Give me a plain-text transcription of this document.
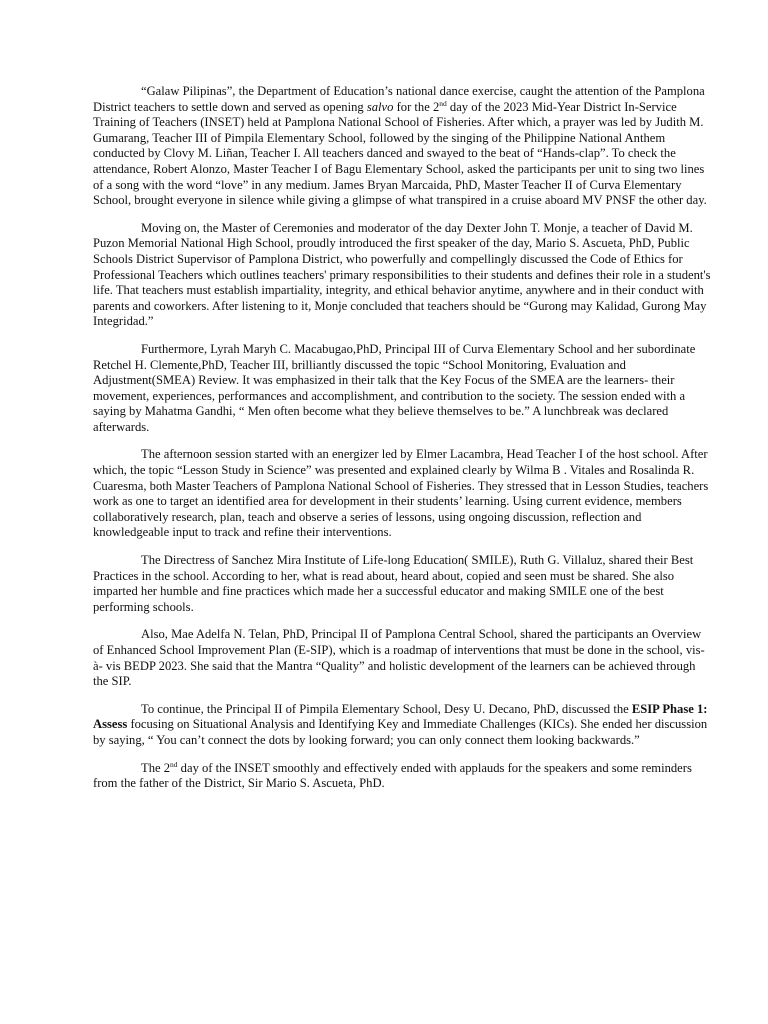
“Galaw Pilipinas”, the Department of Education’s national dance exercise, caught the attention of the Pamplona District teachers to settle down and served as opening salvo for the 2nd day of the 2023 Mid-Year District In-Service Training of Teachers (INSET) held at Pamplona National School of Fisheries. After which, a prayer was led by Judith M. Gumarang, Teacher III of Pimpila Elementary School, followed by the singing of the Philippine National Anthem conducted by Clovy M. Liñan, Teacher I. All teachers danced and swayed to the beat of “Hands-clap”. To check the attendance, Robert Alonzo, Master Teacher I of Bagu Elementary School, asked the participants per unit to sing two lines of a song with the word “love” in any medium. James Bryan Marcaida, PhD, Master Teacher II of Curva Elementary School, brought everyone in silence while giving a glimpse of what transpired in a cruise aboard MV PNSF the other day.

Moving on, the Master of Ceremonies and moderator of the day Dexter John T. Monje, a teacher of David M. Puzon Memorial National High School, proudly introduced the first speaker of the day, Mario S. Ascueta, PhD, Public Schools District Supervisor of Pamplona District, who powerfully and compellingly discussed the Code of Ethics for Professional Teachers which outlines teachers' primary responsibilities to their students and defines their role in a student's life. That teachers must establish impartiality, integrity, and ethical behavior anytime, anywhere and in their conduct with parents and coworkers. After listening to it, Monje concluded that teachers should be “Gurong may Kalidad, Gurong May Integridad.”

Furthermore, Lyrah Maryh C. Macabugao,PhD, Principal III of Curva Elementary School and her subordinate Retchel H. Clemente,PhD, Teacher III, brilliantly discussed the topic “School Monitoring, Evaluation and Adjustment(SMEA) Review. It was emphasized in their talk that the Key Focus of the SMEA are the learners- their movement, experiences, performances and accomplishment, and contribution to the society. The session ended with a saying by Mahatma Gandhi, “ Men often become what they believe themselves to be.” A lunchbreak was declared afterwards.

The afternoon session started with an energizer led by Elmer Lacambra, Head Teacher I of the host school. After which, the topic “Lesson Study in Science” was presented and explained clearly by Wilma B . Vitales and Rosalinda R. Cuaresma, both Master Teachers of Pamplona National School of Fisheries. They stressed that in Lesson Studies, teachers work as one to target an identified area for development in their students’ learning. Using current evidence, members collaboratively research, plan, teach and observe a series of lessons, using ongoing discussion, reflection and knowledgeable input to track and refine their interventions.

The Directress of Sanchez Mira Institute of Life-long Education( SMILE), Ruth G. Villaluz, shared their Best Practices in the school. According to her, what is read about, heard about, copied and seen must be shared. She also imparted her humble and fine practices which made her a successful educator and making SMILE one of the best performing schools.

Also, Mae Adelfa N. Telan, PhD, Principal II of Pamplona Central School, shared the participants an Overview of Enhanced School Improvement Plan (E-SIP), which is a roadmap of interventions that must be done in the school, vis-à- vis BEDP 2023. She said that the Mantra “Quality” and holistic development of the learners can be achieved through the SIP.

To continue, the Principal II of Pimpila Elementary School, Desy U. Decano, PhD, discussed the ESIP Phase 1: Assess focusing on Situational Analysis and Identifying Key and Immediate Challenges (KICs). She ended her discussion by saying, “ You can’t connect the dots by looking forward; you can only connect them looking backwards.”

The 2nd day of the INSET smoothly and effectively ended with applauds for the speakers and some reminders from the father of the District, Sir Mario S. Ascueta, PhD.
